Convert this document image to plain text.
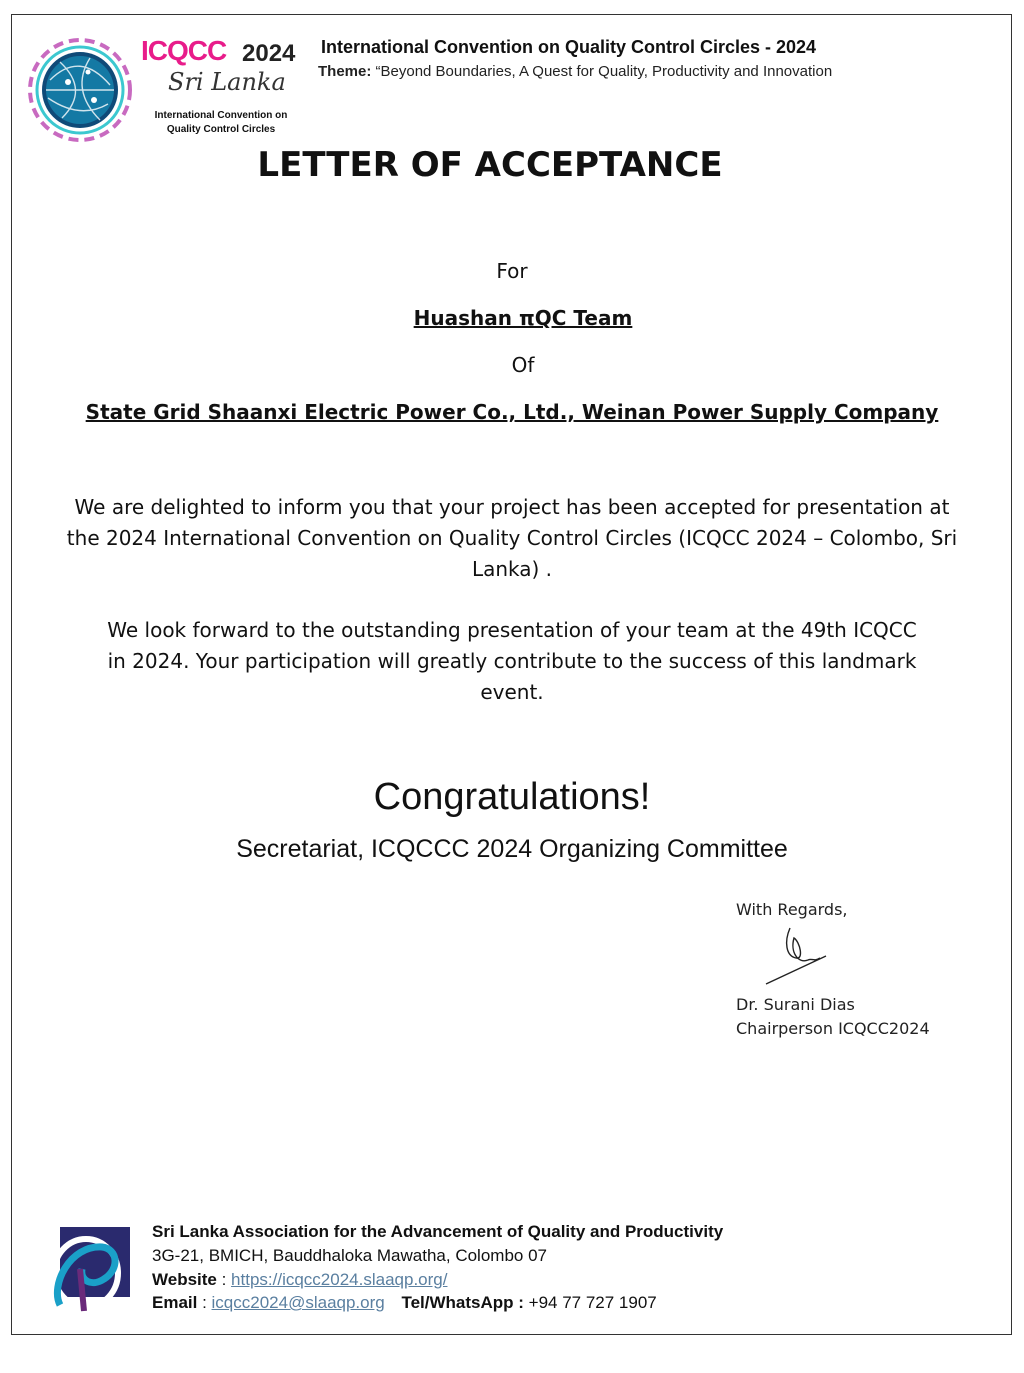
ICQCC 2024
Sri Lanka
International Convention on Quality Control Circles
International Convention on Quality Control Circles - 2024
Theme: “Beyond Boundaries, A Quest for Quality, Productivity and Innovation
LETTER OF ACCEPTANCE
For
Huashan πQC Team
Of
State Grid Shaanxi Electric Power Co., Ltd., Weinan Power Supply Company
We are delighted to inform you that your project has been accepted for presentation at the 2024 International Convention on Quality Control Circles (ICQCC 2024 – Colombo, Sri Lanka) .
We look forward to the outstanding presentation of your team at the 49th ICQCC in 2024. Your participation will greatly contribute to the success of this landmark event.
Congratulations!
Secretariat, ICQCCC 2024 Organizing Committee
With Regards,
Dr. Surani Dias
Chairperson ICQCC2024
Sri Lanka Association for the Advancement of Quality and Productivity
3G-21, BMICH, Bauddhaloka Mawatha, Colombo 07
Website : https://icqcc2024.slaaqp.org/
Email : icqcc2024@slaaqp.org Tel/WhatsApp : +94 77 727 1907
